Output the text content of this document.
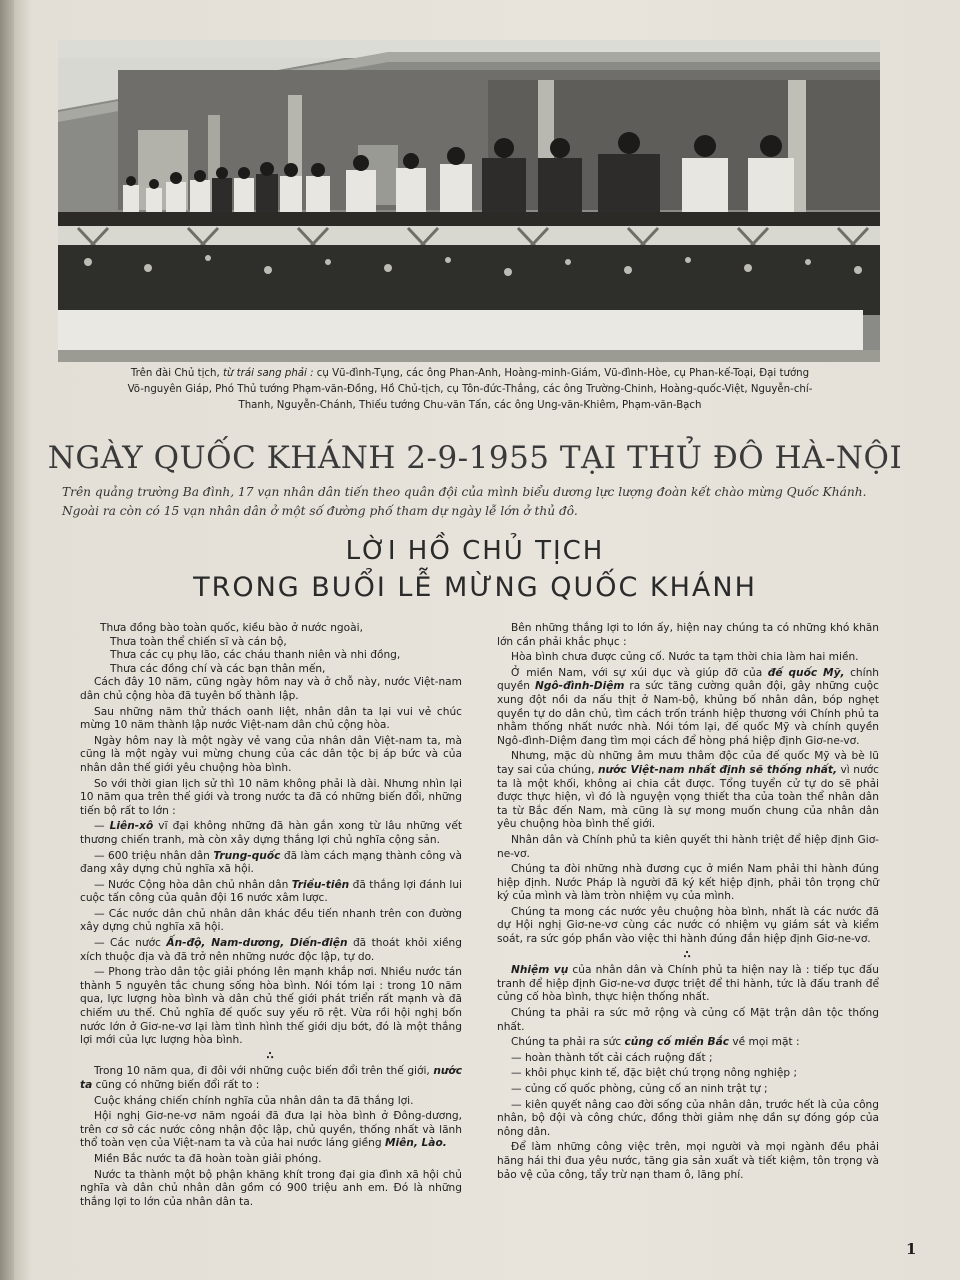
Trên đài Chủ tịch, từ trái sang phải : cụ Vũ-đình-Tụng, các ông Phan-Anh, Hoàng-minh-Giám, Vũ-đình-Hòe, cụ Phan-kế-Toại, Đại tướng
Võ-nguyên Giáp, Phó Thủ tướng Phạm-văn-Đồng, Hồ Chủ-tịch, cụ Tôn-đức-Thắng, các ông Trường-Chinh, Hoàng-quốc-Việt, Nguyễn-chí-
Thanh, Nguyễn-Chánh, Thiếu tướng Chu-văn Tấn, các ông Ung-văn-Khiêm, Phạm-văn-Bạch
NGÀY QUỐC KHÁNH 2-9-1955 TẠI THỦ ĐÔ HÀ-NỘI
Trên quảng trường Ba đình, 17 vạn nhân dân tiến theo quân đội của mình biểu dương lực lượng đoàn kết chào mừng Quốc Khánh. Ngoài ra còn có 15 vạn nhân dân ở một số đường phố tham dự ngày lễ lớn ở thủ đô.
LỜI HỒ CHỦ TỊCH
TRONG BUỔI LỄ MỪNG QUỐC KHÁNH

Thưa đồng bào toàn quốc, kiều bào ở nước ngoài,

Thưa toàn thể chiến sĩ và cán bộ,

Thưa các cụ phụ lão, các cháu thanh niên và nhi đồng,

Thưa các đồng chí và các bạn thân mến,

Cách đây 10 năm, cũng ngày hôm nay và ở chỗ này, nước Việt-nam dân chủ cộng hòa đã tuyên bố thành lập.

Sau những năm thử thách oanh liệt, nhân dân ta lại vui vẻ chúc mừng 10 năm thành lập nước Việt-nam dân chủ cộng hòa.

Ngày hôm nay là một ngày vẻ vang của nhân dân Việt-nam ta, mà cũng là một ngày vui mừng chung của các dân tộc bị áp bức và của nhân dân thế giới yêu chuộng hòa bình.

So với thời gian lịch sử thì 10 năm không phải là dài. Nhưng nhìn lại 10 năm qua trên thế giới và trong nước ta đã có những biến đổi, những tiến bộ rất to lớn :

— Liên-xô vĩ đại không những đã hàn gắn xong từ lâu những vết thương chiến tranh, mà còn xây dựng thắng lợi chủ nghĩa cộng sản.

— 600 triệu nhân dân Trung-quốc đã làm cách mạng thành công và đang xây dựng chủ nghĩa xã hội.

— Nước Cộng hòa dân chủ nhân dân Triều-tiên đã thắng lợi đánh lui cuộc tấn công của quân đội 16 nước xâm lược.

— Các nước dân chủ nhân dân khác đều tiến nhanh trên con đường xây dựng chủ nghĩa xã hội.

— Các nước Ấn-độ, Nam-dương, Diến-điện đã thoát khỏi xiềng xích thuộc địa và đã trở nên những nước độc lập, tự do.

— Phong trào dân tộc giải phóng lên mạnh khắp nơi. Nhiều nước tán thành 5 nguyên tắc chung sống hòa bình. Nói tóm lại : trong 10 năm qua, lực lượng hòa bình và dân chủ thế giới phát triển rất mạnh và đã chiếm ưu thế. Chủ nghĩa đế quốc suy yếu rõ rệt. Vừa rồi hội nghị bốn nước lớn ở Giơ-ne-vơ lại làm tình hình thế giới dịu bớt, đó là một thắng lợi mới của lực lượng hòa bình.

∴

Trong 10 năm qua, đi đôi với những cuộc biến đổi trên thế giới, nước ta cũng có những biến đổi rất to :

Cuộc kháng chiến chính nghĩa của nhân dân ta đã thắng lợi.

Hội nghị Giơ-ne-vơ năm ngoái đã đưa lại hòa bình ở Đông-dương, trên cơ sở các nước công nhận độc lập, chủ quyền, thống nhất và lãnh thổ toàn vẹn của Việt-nam ta và của hai nước láng giềng Miên, Lào.

Miền Bắc nước ta đã hoàn toàn giải phóng.

Nước ta thành một bộ phận khăng khít trong đại gia đình xã hội chủ nghĩa và dân chủ nhân dân gồm có 900 triệu anh em. Đó là những thắng lợi to lớn của nhân dân ta.

Bên những thắng lợi to lớn ấy, hiện nay chúng ta có những khó khăn lớn cần phải khắc phục :

Hòa bình chưa được củng cố. Nước ta tạm thời chia làm hai miền.

Ở miền Nam, với sự xúi dục và giúp đỡ của đế quốc Mỹ, chính quyền Ngô-đình-Diệm ra sức tăng cường quân đội, gây những cuộc xung đột nồi da nấu thịt ở Nam-bộ, khủng bố nhân dân, bóp nghẹt quyền tự do dân chủ, tìm cách trốn tránh hiệp thương với Chính phủ ta nhằm thống nhất nước nhà. Nói tóm lại, đế quốc Mỹ và chính quyền Ngô-đình-Diệm đang tìm mọi cách để hòng phá hiệp định Giơ-ne-vơ.

Nhưng, mặc dù những âm mưu thâm độc của đế quốc Mỹ và bè lũ tay sai của chúng, nước Việt-nam nhất định sẽ thống nhất, vì nước ta là một khối, không ai chia cắt được. Tổng tuyển cử tự do sẽ phải được thực hiện, vì đó là nguyện vọng thiết tha của toàn thể nhân dân ta từ Bắc đến Nam, mà cũng là sự mong muốn chung của nhân dân yêu chuộng hòa bình thế giới.

Nhân dân và Chính phủ ta kiên quyết thi hành triệt để hiệp định Giơ-ne-vơ.

Chúng ta đòi những nhà đương cục ở miền Nam phải thi hành đúng hiệp định. Nước Pháp là người đã ký kết hiệp định, phải tôn trọng chữ ký của mình và làm tròn nhiệm vụ của mình.

Chúng ta mong các nước yêu chuộng hòa bình, nhất là các nước đã dự Hội nghị Giơ-ne-vơ cùng các nước có nhiệm vụ giám sát và kiểm soát, ra sức góp phần vào việc thi hành đúng đắn hiệp định Giơ-ne-vơ.

∴

Nhiệm vụ của nhân dân và Chính phủ ta hiện nay là : tiếp tục đấu tranh để hiệp định Giơ-ne-vơ được triệt để thi hành, tức là đấu tranh để củng cố hòa bình, thực hiện thống nhất.

Chúng ta phải ra sức mở rộng và củng cố Mặt trận dân tộc thống nhất.

Chúng ta phải ra sức củng cố miền Bắc về mọi mặt :

— hoàn thành tốt cải cách ruộng đất ;

— khôi phục kinh tế, đặc biệt chú trọng nông nghiệp ;

— củng cố quốc phòng, củng cố an ninh trật tự ;

— kiên quyết nâng cao đời sống của nhân dân, trước hết là của công nhân, bộ đội và công chức, đồng thời giảm nhẹ dần sự đóng góp của nông dân.

Để làm những công việc trên, mọi người và mọi ngành đều phải hăng hái thi đua yêu nước, tăng gia sản xuất và tiết kiệm, tôn trọng và bảo vệ của công, tẩy trừ nạn tham ô, lãng phí.

1
